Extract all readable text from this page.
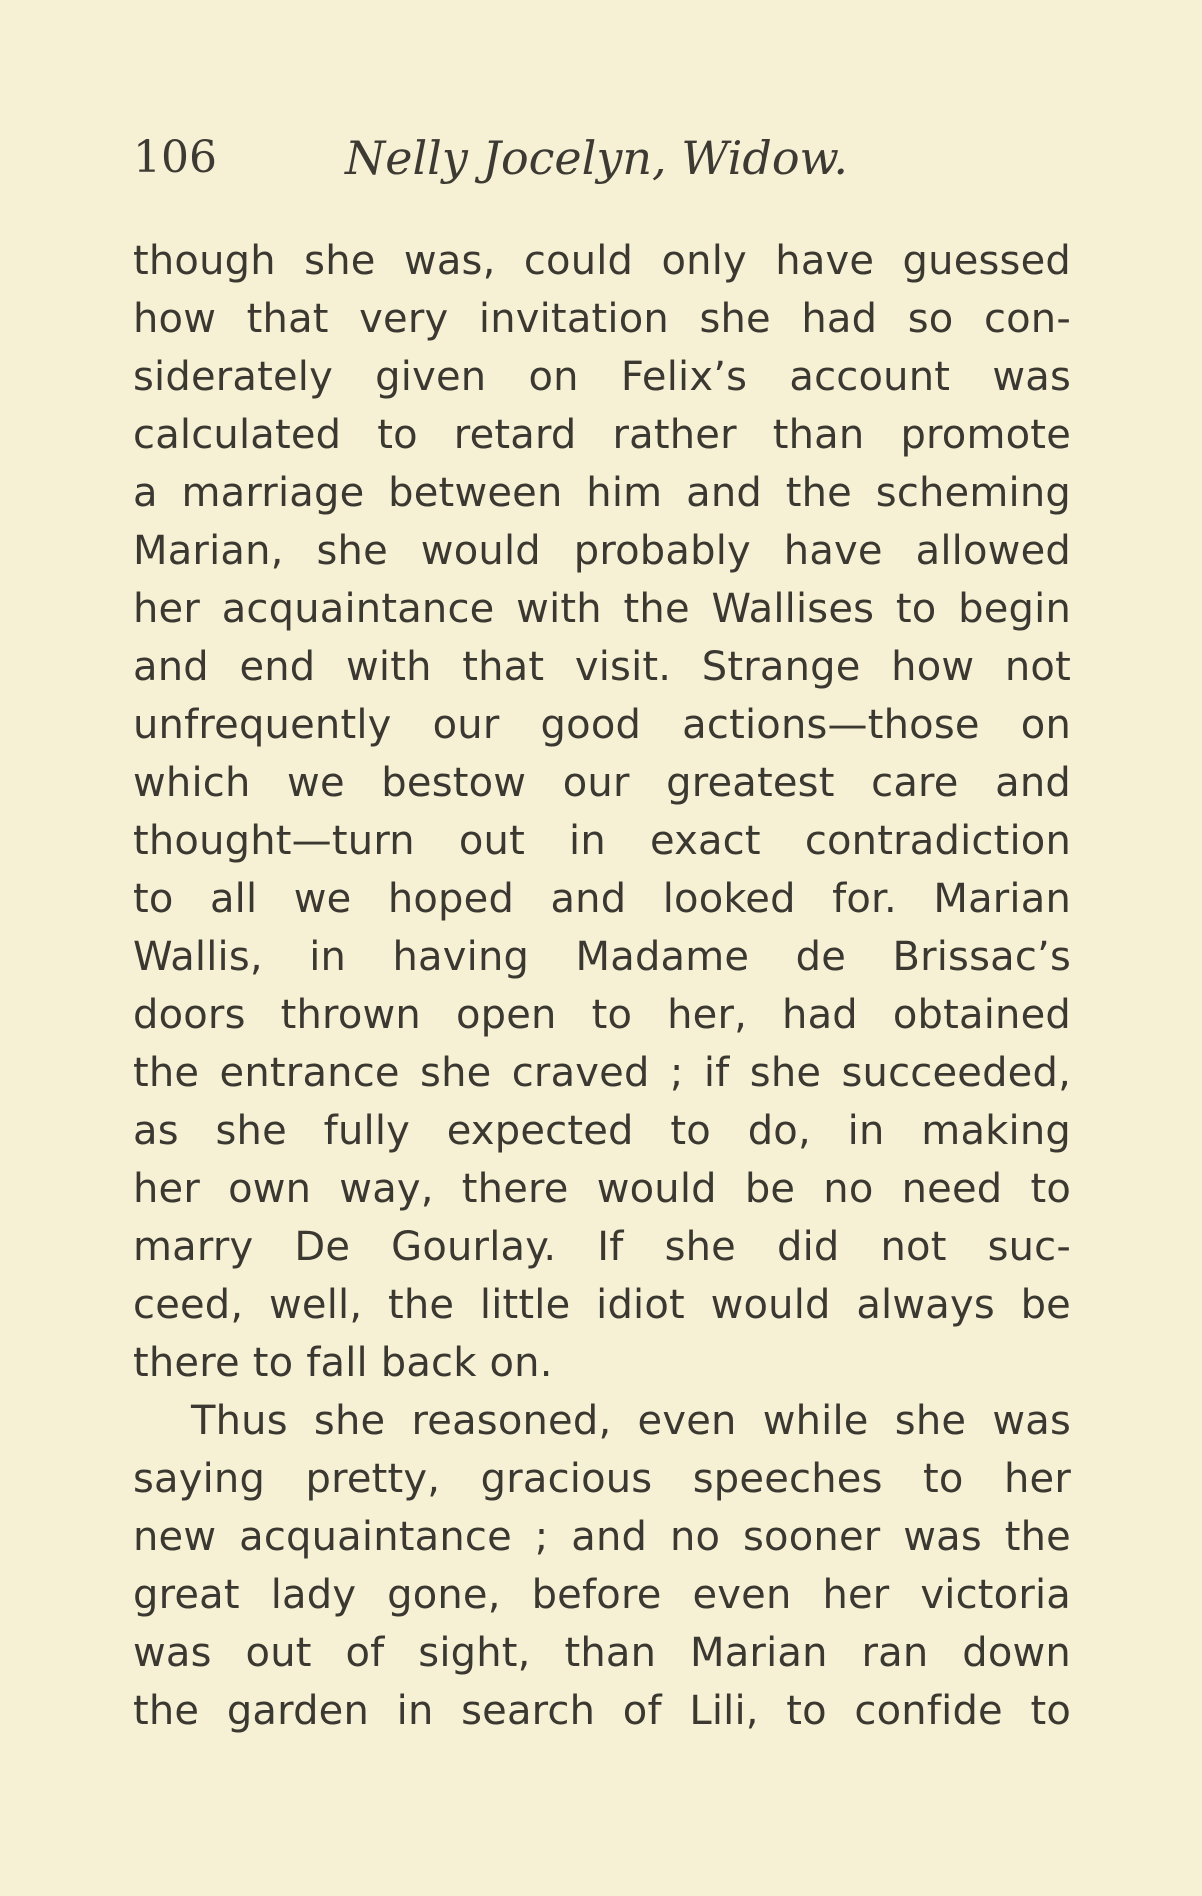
106	Nelly Jocelyn, Widow.
though she was, could only have guessed
how that very invitation she had so con-
siderately given on Felix’s account was
calculated to retard rather than promote
a marriage between him and the scheming
Marian, she would probably have allowed
her acquaintance with the Wallises to begin
and end with that visit. Strange how not
unfrequently our good actions—those on
which we bestow our greatest care and
thought—turn out in exact contradiction
to all we hoped and looked for. Marian
Wallis, in having Madame de Brissac’s
doors thrown open to her, had obtained
the entrance she craved ; if she succeeded,
as she fully expected to do, in making
her own way, there would be no need to
marry De Gourlay. If she did not suc-
ceed, well, the little idiot would always be
there to fall back on.
Thus she reasoned, even while she was
saying pretty, gracious speeches to her
new acquaintance ; and no sooner was the
great lady gone, before even her victoria
was out of sight, than Marian ran down
the garden in search of Lili, to confide to
